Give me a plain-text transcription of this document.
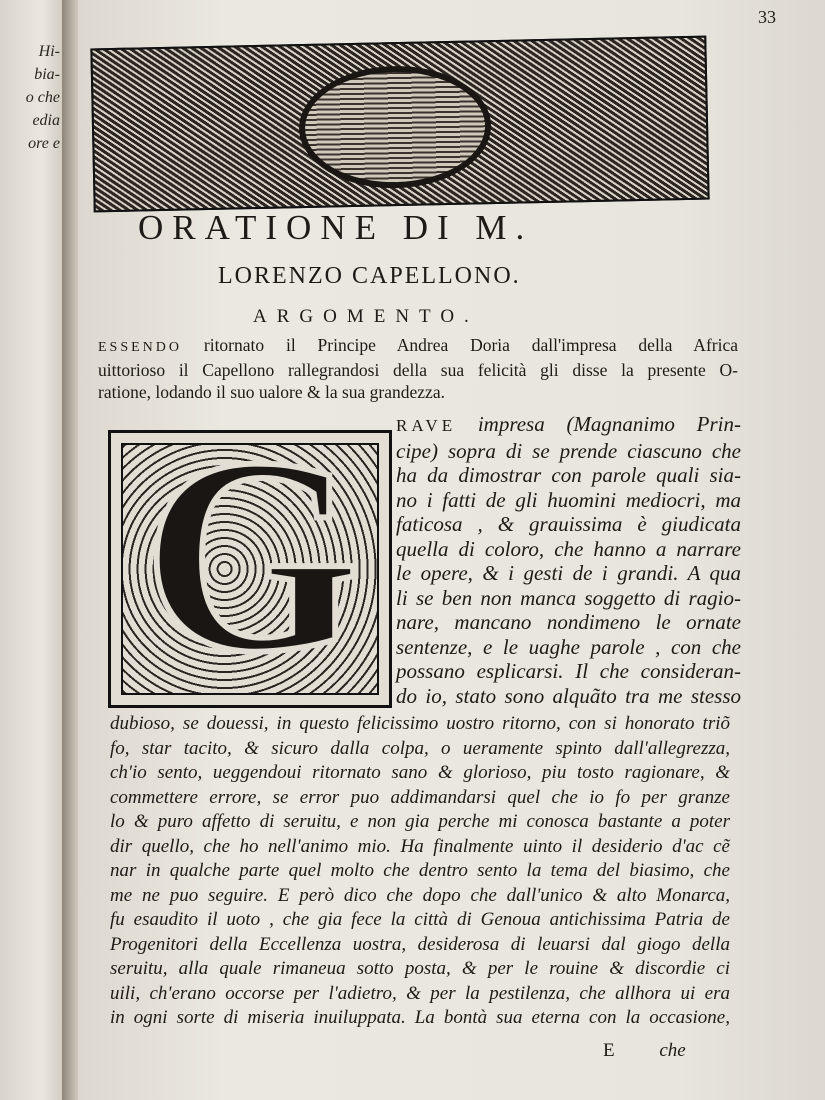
Hi-
bia-
o che
edia
ore e
33
ORATIONE DI M.
LORENZO CAPELLONO.
ARGOMENTO.
ESSENDO ritornato il Principe Andrea Doria dall'impresa della Africa
uittorioso il Capellono rallegrandosi della sua felicità gli disse la presente O-
ratione, lodando il suo ualore & la sua grandezza.
G RAVE impresa (Magnanimo Prin-
cipe) sopra di se prende ciascuno che
ha da dimostrar con parole quali sia-
no i fatti de gli huomini mediocri, ma
faticosa , & grauissima è giudicata
quella di coloro, che hanno a narrare
le opere, & i gesti de i grandi. A qua
li se ben non manca soggetto di ragio-
nare, mancano nondimeno le ornate
sentenze, e le uaghe parole , con che
possano esplicarsi. Il che consideran-
do io, stato sono alquãto tra me stesso
dubioso, se douessi, in questo felicissimo uostro ritorno, con si honorato triõ
fo, star tacito, & sicuro dalla colpa, o ueramente spinto dall'allegrezza,
ch'io sento, ueggendoui ritornato sano & glorioso, piu tosto ragionare, &
commettere errore, se error puo addimandarsi quel che io fo per granze
lo & puro affetto di seruitu, e non gia perche mi conosca bastante a poter
dir quello, che ho nell'animo mio. Ha finalmente uinto il desiderio d'ac cẽ
nar in qualche parte quel molto che dentro sento la tema del biasimo, che
me ne puo seguire. E però dico che dopo che dall'unico & alto Monarca,
fu esaudito il uoto , che gia fece la città di Genoua antichissima Patria de
Progenitori della Eccellenza uostra, desiderosa di leuarsi dal giogo della
seruitu, alla quale rimaneua sotto posta, & per le rouine & discordie ci
uili, ch'erano occorse per l'adietro, & per la pestilenza, che allhora ui era
in ogni sorte di miseria inuiluppata. La bontà sua eterna con la occasione,
E che
